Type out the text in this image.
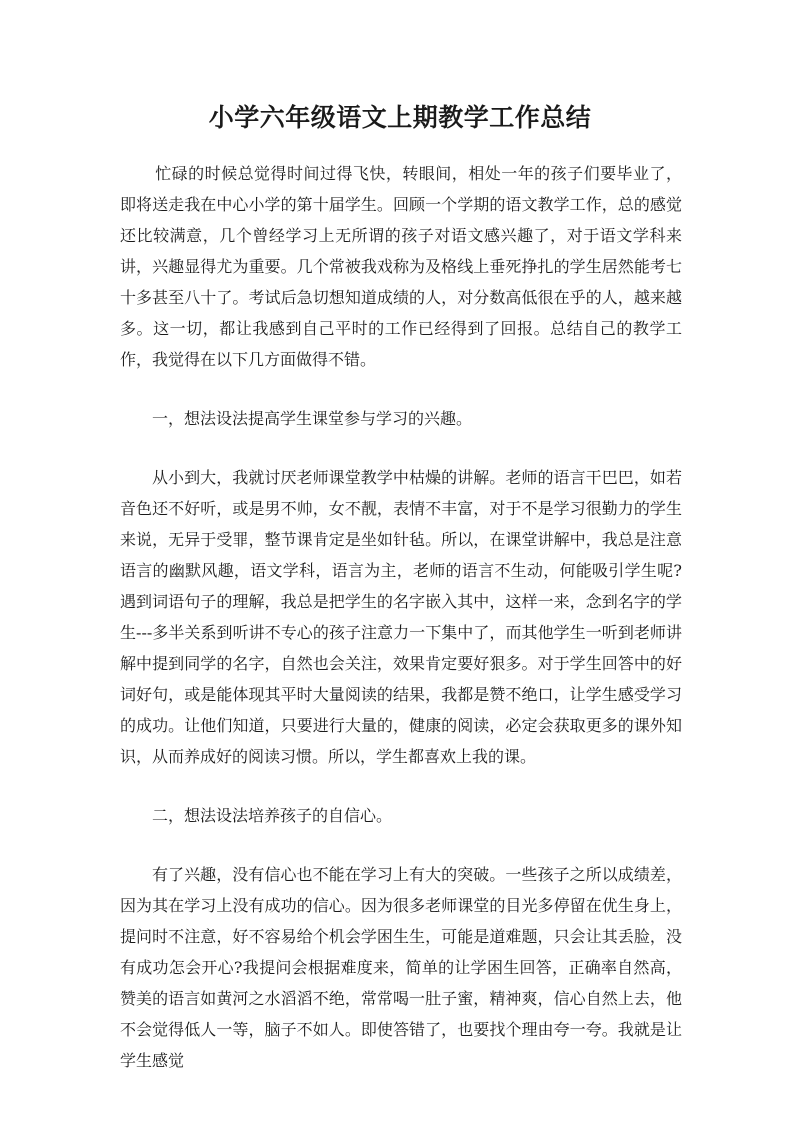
小学六年级语文上期教学工作总结

忙碌的时候总觉得时间过得飞快，转眼间，相处一年的孩子们要毕业了，即将送走我在中心小学的第十届学生。回顾一个学期的语文教学工作，总的感觉还比较满意，几个曾经学习上无所谓的孩子对语文感兴趣了，对于语文学科来讲，兴趣显得尤为重要。几个常被我戏称为及格线上垂死挣扎的学生居然能考七十多甚至八十了。考试后急切想知道成绩的人，对分数高低很在乎的人，越来越多。这一切，都让我感到自己平时的工作已经得到了回报。总结自己的教学工作，我觉得在以下几方面做得不错。

一，想法设法提高学生课堂参与学习的兴趣。

从小到大，我就讨厌老师课堂教学中枯燥的讲解。老师的语言干巴巴，如若音色还不好听，或是男不帅，女不靓，表情不丰富，对于不是学习很勤力的学生来说，无异于受罪，整节课肯定是坐如针毡。所以，在课堂讲解中，我总是注意语言的幽默风趣，语文学科，语言为主，老师的语言不生动，何能吸引学生呢?遇到词语句子的理解，我总是把学生的名字嵌入其中，这样一来，念到名字的学生---多半关系到听讲不专心的孩子注意力一下集中了，而其他学生一听到老师讲解中提到同学的名字，自然也会关注，效果肯定要好狠多。对于学生回答中的好词好句，或是能体现其平时大量阅读的结果，我都是赞不绝口，让学生感受学习的成功。让他们知道，只要进行大量的，健康的阅读，必定会获取更多的课外知识，从而养成好的阅读习惯。所以，学生都喜欢上我的课。

二，想法设法培养孩子的自信心。

有了兴趣，没有信心也不能在学习上有大的突破。一些孩子之所以成绩差，因为其在学习上没有成功的信心。因为很多老师课堂的目光多停留在优生身上，提问时不注意，好不容易给个机会学困生生，可能是道难题，只会让其丢脸，没有成功怎会开心?我提问会根据难度来，简单的让学困生回答，正确率自然高，赞美的语言如黄河之水滔滔不绝，常常喝一肚子蜜，精神爽，信心自然上去，他不会觉得低人一等，脑子不如人。即使答错了，也要找个理由夸一夸。我就是让学生感觉
